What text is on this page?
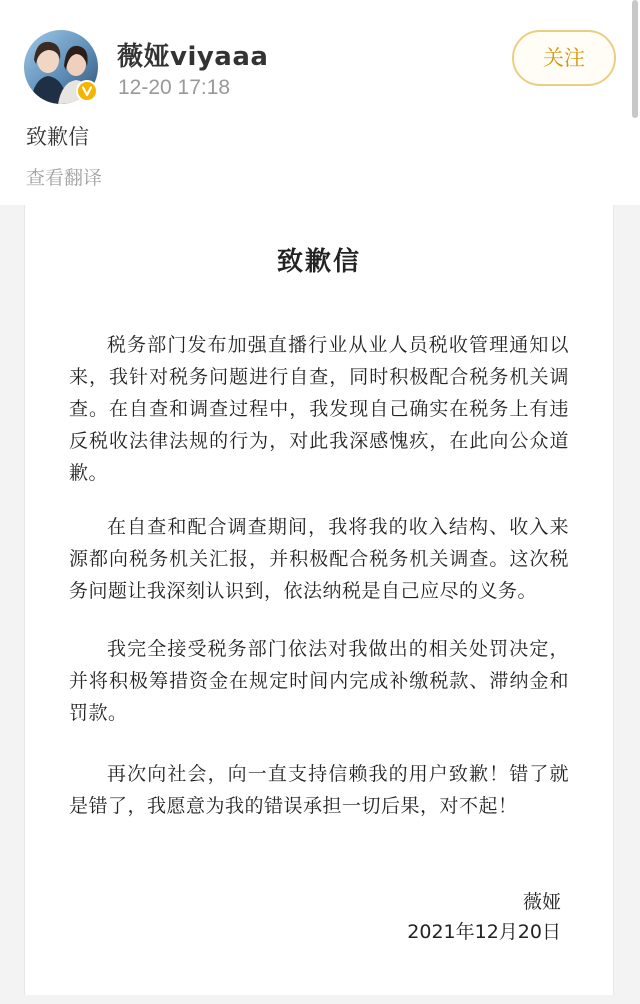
薇娅viyaaa
12-20 17:18
关注
致歉信
查看翻译
致歉信

税务部门发布加强直播行业从业人员税收管理通知以来，我针对税务问题进行自查，同时积极配合税务机关调查。在自查和调查过程中，我发现自己确实在税务上有违反税收法律法规的行为，对此我深感愧疚，在此向公众道歉。

在自查和配合调查期间，我将我的收入结构、收入来源都向税务机关汇报，并积极配合税务机关调查。这次税务问题让我深刻认识到，依法纳税是自己应尽的义务。

我完全接受税务部门依法对我做出的相关处罚决定，并将积极筹措资金在规定时间内完成补缴税款、滞纳金和罚款。

再次向社会，向一直支持信赖我的用户致歉！错了就是错了，我愿意为我的错误承担一切后果，对不起！

薇娅
2021年12月20日
